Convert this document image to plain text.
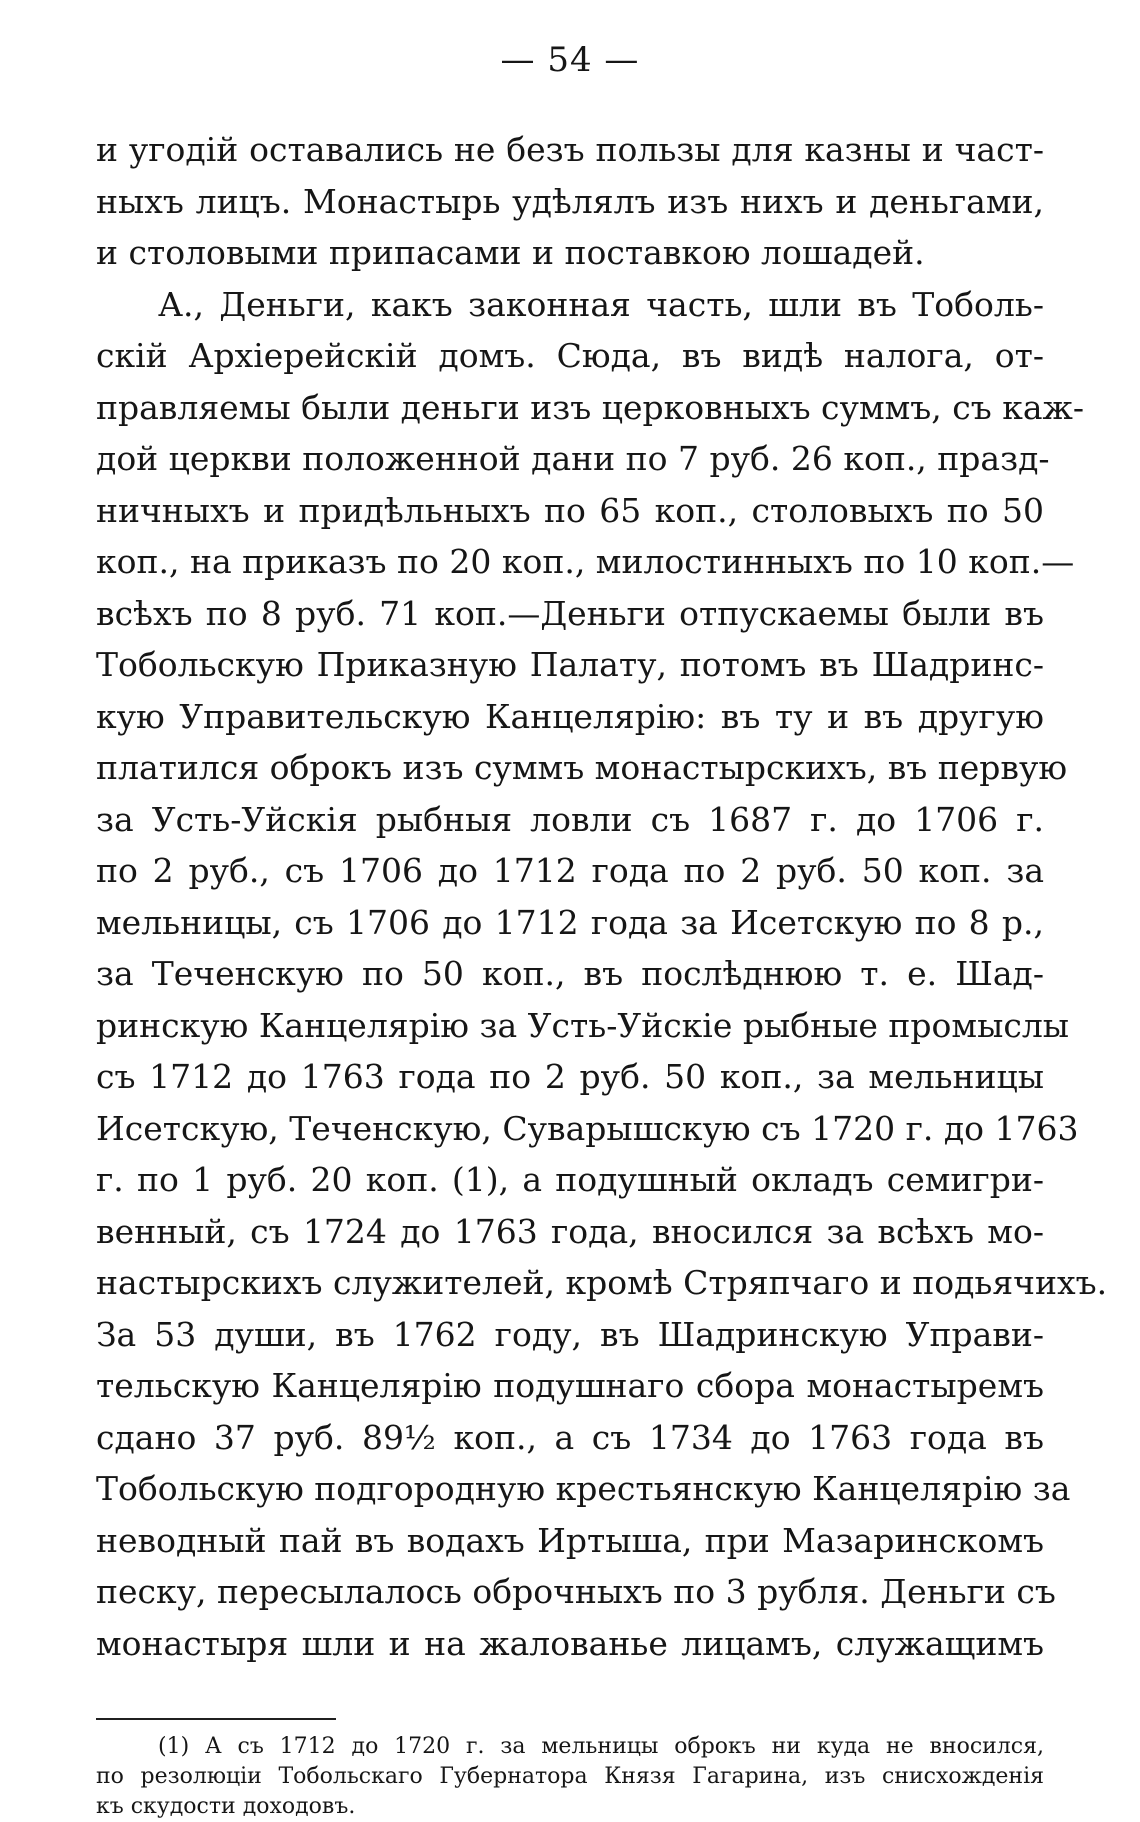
— 54 —
и угодій оставались не безъ пользы для казны и част-
ныхъ лицъ. Монастырь удѣлялъ изъ нихъ и деньгами,
и столовыми припасами и поставкою лошадей.
А., Деньги, какъ законная часть, шли въ Тоболь-
скій Архіерейскій домъ. Сюда, въ видѣ налога, от-
правляемы были деньги изъ церковныхъ суммъ, съ каж-
дой церкви положенной дани по 7 руб. 26 коп., празд-
ничныхъ и придѣльныхъ по 65 коп., столовыхъ по 50
коп., на приказъ по 20 коп., милостинныхъ по 10 коп.—
всѣхъ по 8 руб. 71 коп.—Деньги отпускаемы были въ
Тобольскую Приказную Палату, потомъ въ Шадринс-
кую Управительскую Канцелярію: въ ту и въ другую
платился оброкъ изъ суммъ монастырскихъ, въ первую
за Усть-Уйскія рыбныя ловли съ 1687 г. до 1706 г.
по 2 руб., съ 1706 до 1712 года по 2 руб. 50 коп. за
мельницы, съ 1706 до 1712 года за Исетскую по 8 р.,
за Теченскую по 50 коп., въ послѣднюю т. е. Шад-
ринскую Канцелярію за Усть-Уйскіе рыбные промыслы
съ 1712 до 1763 года по 2 руб. 50 коп., за мельницы
Исетскую, Теченскую, Суварышскую съ 1720 г. до 1763
г. по 1 руб. 20 коп. (1), а подушный окладъ семигри-
венный, съ 1724 до 1763 года, вносился за всѣхъ мо-
настырскихъ служителей, кромѣ Стряпчаго и подьячихъ.
За 53 души, въ 1762 году, въ Шадринскую Управи-
тельскую Канцелярію подушнаго сбора монастыремъ
сдано 37 руб. 89½ коп., а съ 1734 до 1763 года въ
Тобольскую подгородную крестьянскую Канцелярію за
неводный пай въ водахъ Иртыша, при Мазаринскомъ
песку, пересылалось оброчныхъ по 3 рубля. Деньги съ
монастыря шли и на жалованье лицамъ, служащимъ
(1) А съ 1712 до 1720 г. за мельницы оброкъ ни куда не вносился,
по резолюціи Тобольскаго Губернатора Князя Гагарина, изъ снисхожденія
къ скудости доходовъ.
